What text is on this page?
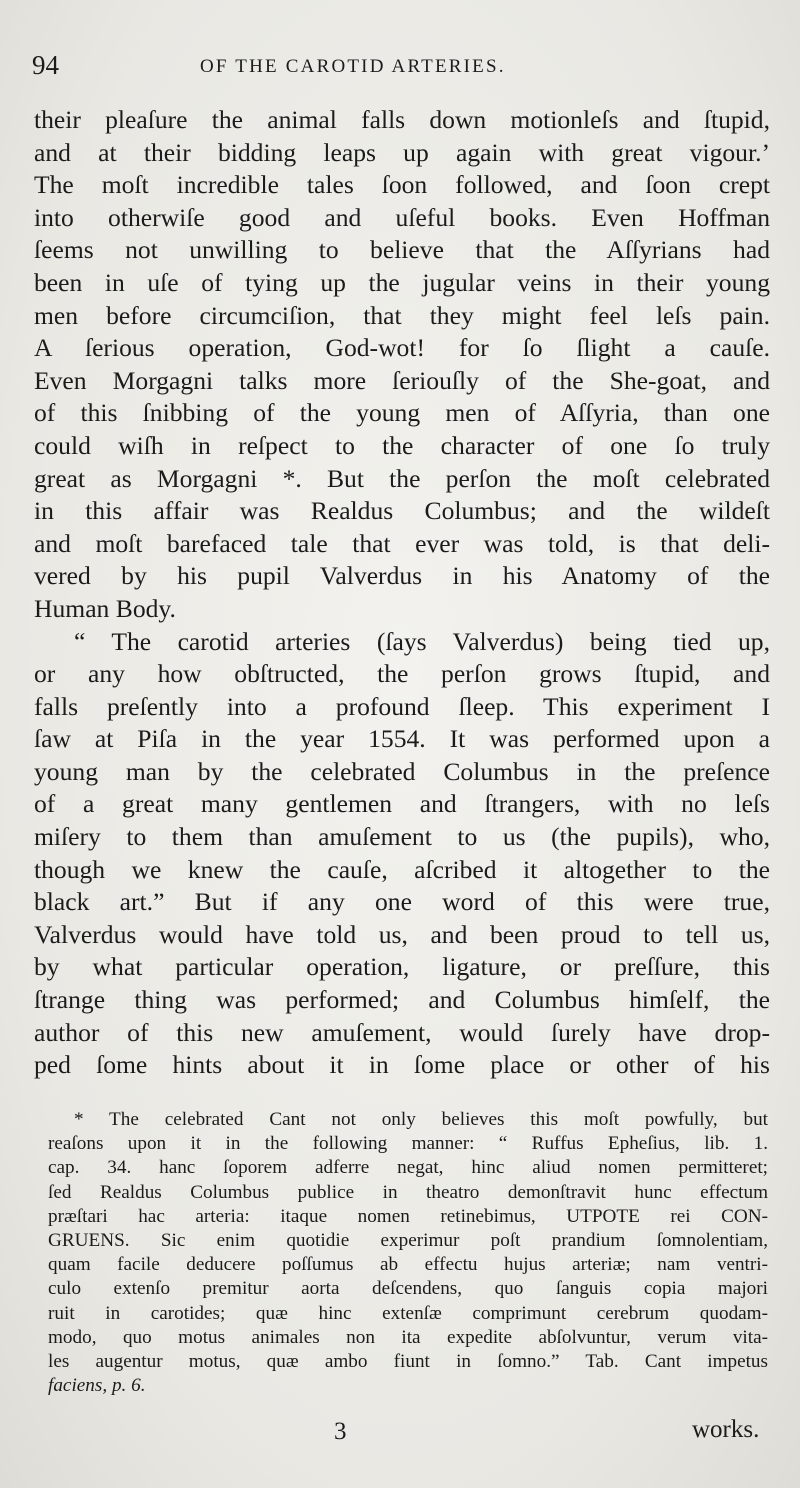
94	OF THE CAROTID ARTERIES.
their pleaſure the animal falls down motionleſs and ſtupid,
and at their bidding leaps up again with great vigour.’
The moſt incredible tales ſoon followed, and ſoon crept
into otherwiſe good and uſeful books. Even Hoffman
ſeems not unwilling to believe that the Aſſyrians had
been in uſe of tying up the jugular veins in their young
men before circumciſion, that they might feel leſs pain.
A ſerious operation, God-wot! for ſo ſlight a cauſe.
Even Morgagni talks more ſeriouſly of the She-goat, and
of this ſnibbing of the young men of Aſſyria, than one
could wiſh in reſpect to the character of one ſo truly
great as Morgagni *. But the perſon the moſt celebrated
in this affair was Realdus Columbus; and the wildeſt
and moſt barefaced tale that ever was told, is that deli-
vered by his pupil Valverdus in his Anatomy of the
Human Body.
“ The carotid arteries (ſays Valverdus) being tied up,
or any how obſtructed, the perſon grows ſtupid, and
falls preſently into a profound ſleep. This experiment I
ſaw at Piſa in the year 1554. It was performed upon a
young man by the celebrated Columbus in the preſence
of a great many gentlemen and ſtrangers, with no leſs
miſery to them than amuſement to us (the pupils), who,
though we knew the cauſe, aſcribed it altogether to the
black art.” But if any one word of this were true,
Valverdus would have told us, and been proud to tell us,
by what particular operation, ligature, or preſſure, this
ſtrange thing was performed; and Columbus himſelf, the
author of this new amuſement, would ſurely have drop-
ped ſome hints about it in ſome place or other of his
* The celebrated Cant not only believes this moſt powfully, but
reaſons upon it in the following manner: “ Ruffus Epheſius, lib. 1.
cap. 34. hanc ſoporem adferre negat, hinc aliud nomen permitteret;
ſed Realdus Columbus publice in theatro demonſtravit hunc effectum
præſtari hac arteria: itaque nomen retinebimus, UTPOTE rei CON-
GRUENS. Sic enim quotidie experimur poſt prandium ſomnolentiam,
quam facile deducere poſſumus ab effectu hujus arteriæ; nam ventri-
culo extenſo premitur aorta deſcendens, quo ſanguis copia majori
ruit in carotides; quæ hinc extenſæ comprimunt cerebrum quodam-
modo, quo motus animales non ita expedite abſolvuntur, verum vita-
les augentur motus, quæ ambo fiunt in ſomno.” Tab. Cant impetus
faciens, p. 6.
3	works.
